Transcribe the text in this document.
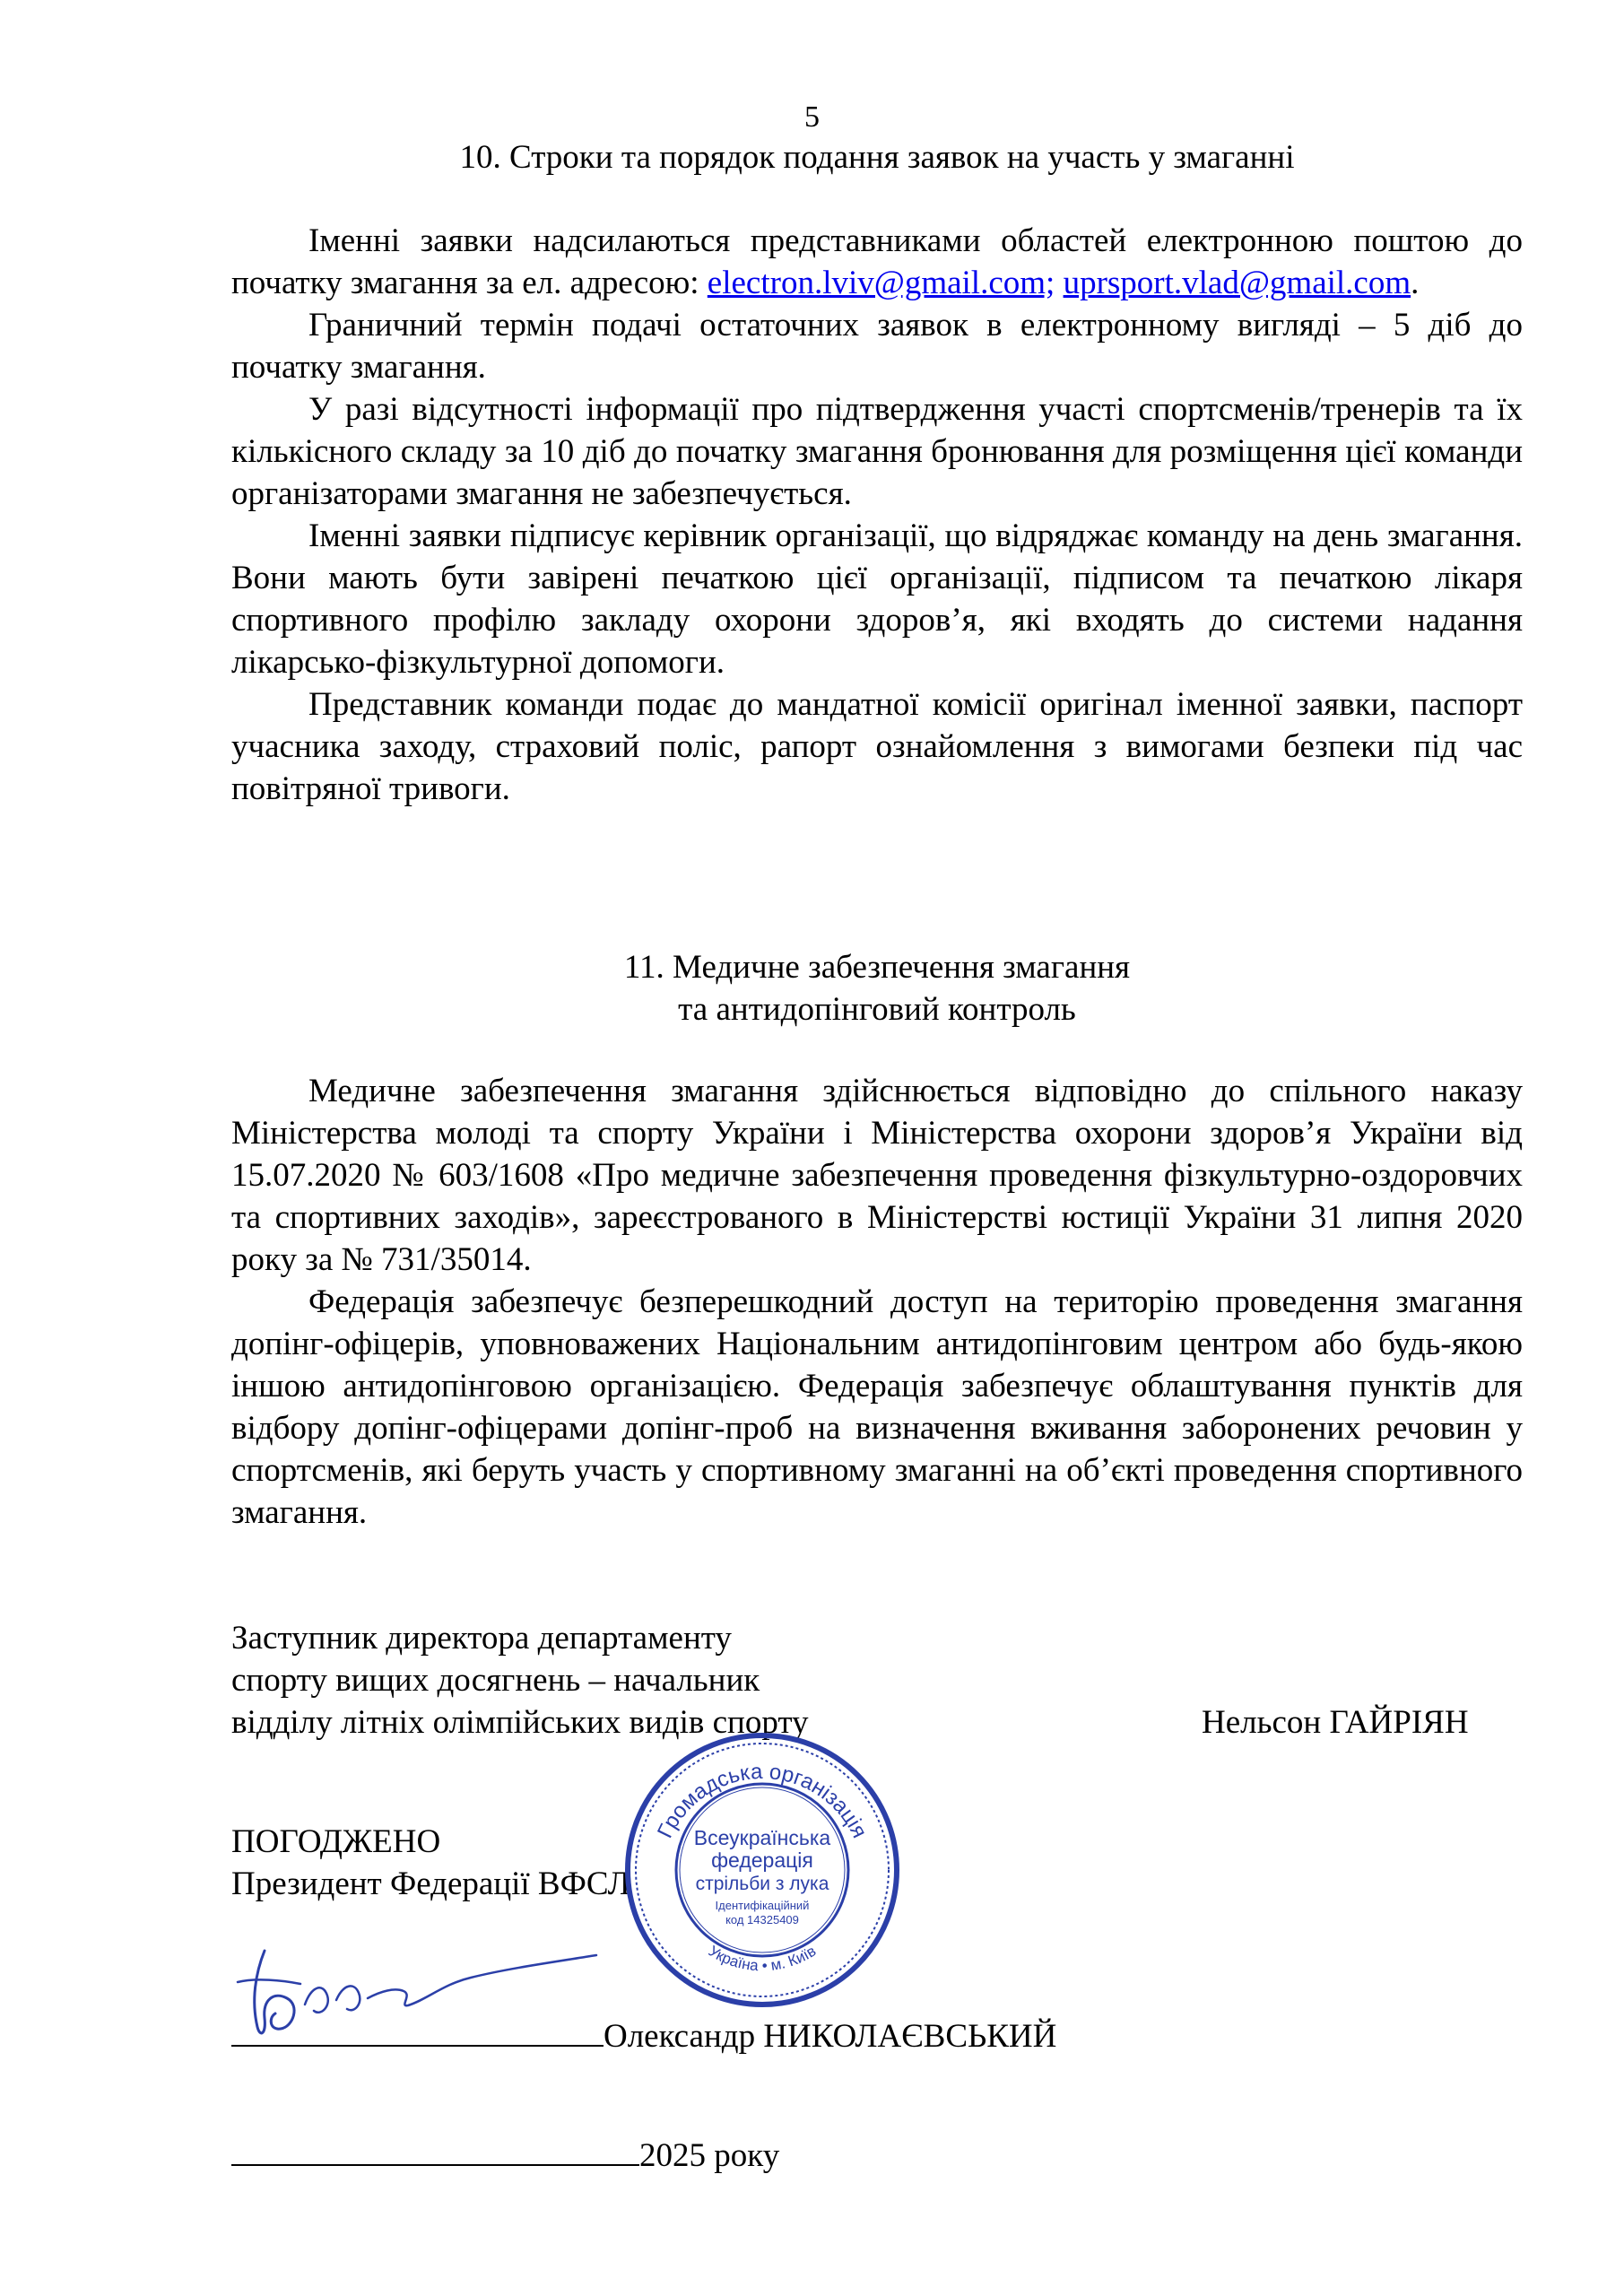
5
10. Строки та порядок подання заявок на участь у змаганні

Іменні заявки надсилаються представниками областей електронною поштою до початку змагання за ел. адресою: electron.lviv@gmail.com; uprsport.vlad@gmail.com.

Граничний термін подачі остаточних заявок в електронному вигляді – 5 діб до початку змагання.

У разі відсутності інформації про підтвердження участі спортсменів/тренерів та їх кількісного складу за 10 діб до початку змагання бронювання для розміщення цієї команди організаторами змагання не забезпечується.

Іменні заявки підписує керівник організації, що відряджає команду на день змагання. Вони мають бути завірені печаткою цієї організації, підписом та печаткою лікаря спортивного профілю закладу охорони здоров’я, які входять до системи надання лікарсько-фізкультурної допомоги.

Представник команди подає до мандатної комісії оригінал іменної заявки, паспорт учасника заходу, страховий поліс, рапорт ознайомлення з вимогами безпеки під час повітряної тривоги.

11. Медичне забезпечення змагання
та антидопінговий контроль

Медичне забезпечення змагання здійснюється відповідно до спільного наказу Міністерства молоді та спорту України і Міністерства охорони здоров’я України від 15.07.2020 № 603/1608 «Про медичне забезпечення проведення фізкультурно-оздоровчих та спортивних заходів», зареєстрованого в Міністерстві юстиції України 31 липня 2020 року за № 731/35014.

Федерація забезпечує безперешкодний доступ на територію проведення змагання допінг-офіцерів, уповноважених Національним антидопінговим центром або будь-якою іншою антидопінговою організацією. Федерація забезпечує облаштування пунктів для відбору допінг-офіцерами допінг-проб на визначення вживання заборонених речовин у спортсменів, які беруть участь у спортивному змаганні на об’єкті проведення спортивного змагання.

Заступник директора департаменту
спорту вищих досягнень – начальник
відділу літніх олімпійських видів спорту	Нельсон ГАЙРІЯН
ПОГОДЖЕНО
Президент Федерації ВФСЛ
Олександр НИКОЛАЄВСЬКИЙ
2025 року
Громадська організація
Україна • м. Київ
Всеукраїнська
федерація
стрільби з лука
Ідентифікаційний
код 14325409
